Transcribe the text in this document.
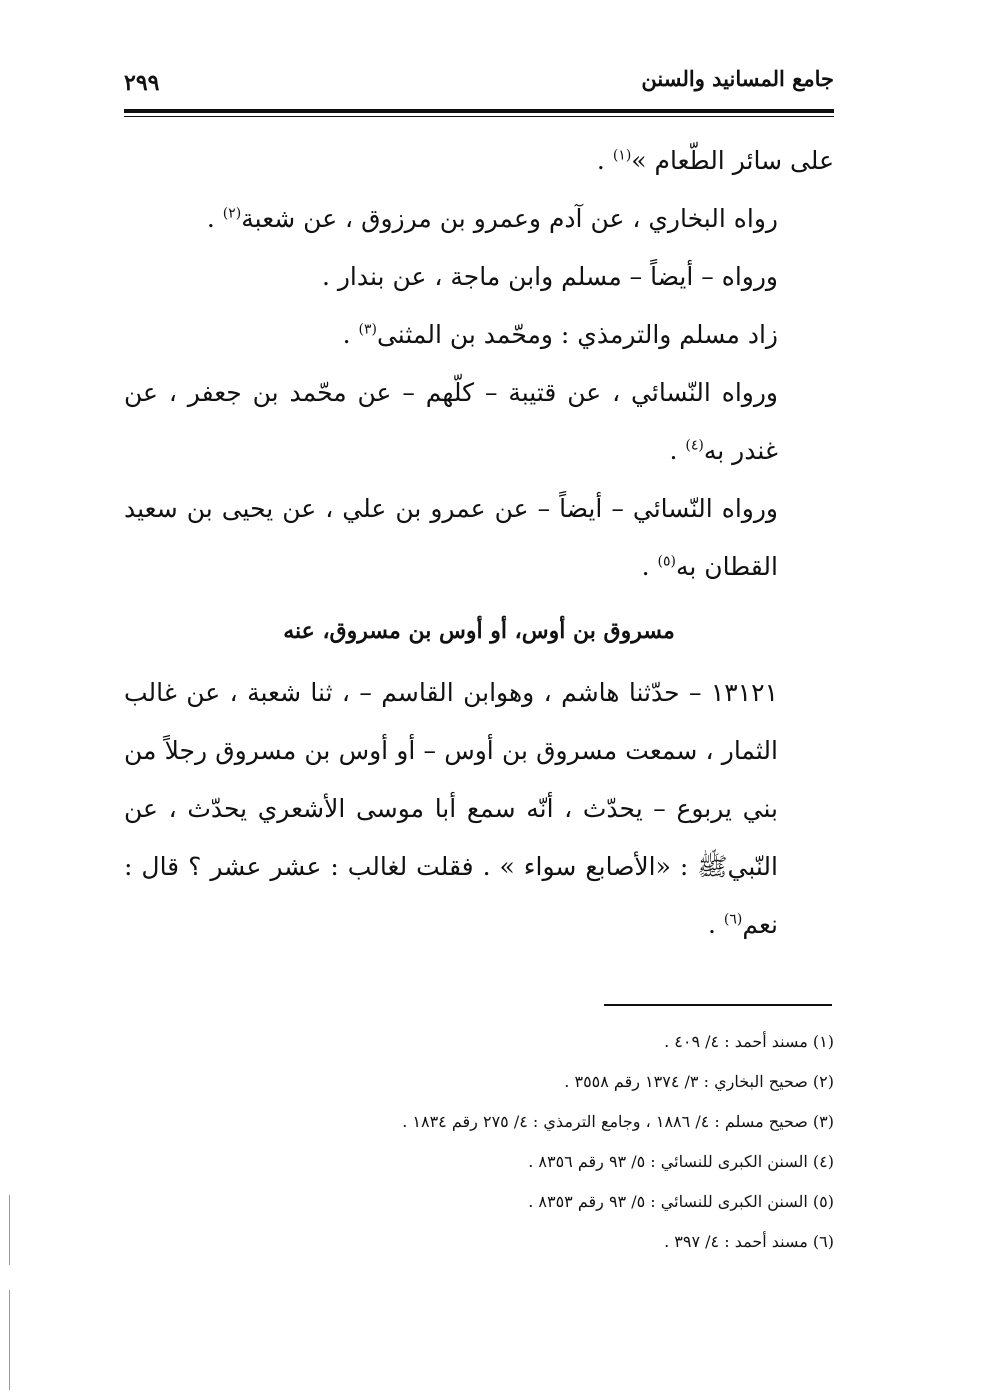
جامع المسانيد والسنن
٢٩٩

على سائر الطّعام »$^{(١)}$ .

رواه البخاري ، عن آدم وعمرو بن مرزوق ، عن شعبة$^{(٢)}$ .

ورواه – أيضاً – مسلم وابن ماجة ، عن بندار .

زاد مسلم والترمذي : ومحّمد بن المثنى$^{(٣)}$ .

ورواه النّسائي ، عن قتيبة – كلّهم – عن محّمد بن جعفر ، عن غندر به$^{(٤)}$ .

ورواه النّسائي – أيضاً – عن عمرو بن علي ، عن يحيى بن سعيد القطان به$^{(٥)}$ .

مسروق بن أوس، أو أوس بن مسروق، عنه

١٣١٢١ – حدّثنا هاشم ، وهوابن القاسم – ، ثنا شعبة ، عن غالب الثمار ، سمعت مسروق بن أوس – أو أوس بن مسروق رجلاً من بني يربوع – يحدّث ، أنّه سمع أبا موسى الأشعري يحدّث ، عن النّبيﷺ : «الأصابع سواء » . فقلت لغالب : عشر عشر ؟ قال : نعم$^{(٦)}$ .

(١) مسند أحمد : ٤/ ٤٠٩ .

(٢) صحيح البخاري : ٣/ ١٣٧٤ رقم ٣٥٥٨ .

(٣) صحيح مسلم : ٤/ ١٨٨٦ ، وجامع الترمذي : ٤/ ٢٧٥ رقم ١٨٣٤ .

(٤) السنن الكبرى للنسائي : ٥/ ٩٣ رقم ٨٣٥٦ .

(٥) السنن الكبرى للنسائي : ٥/ ٩٣ رقم ٨٣٥٣ .

(٦) مسند أحمد : ٤/ ٣٩٧ .
